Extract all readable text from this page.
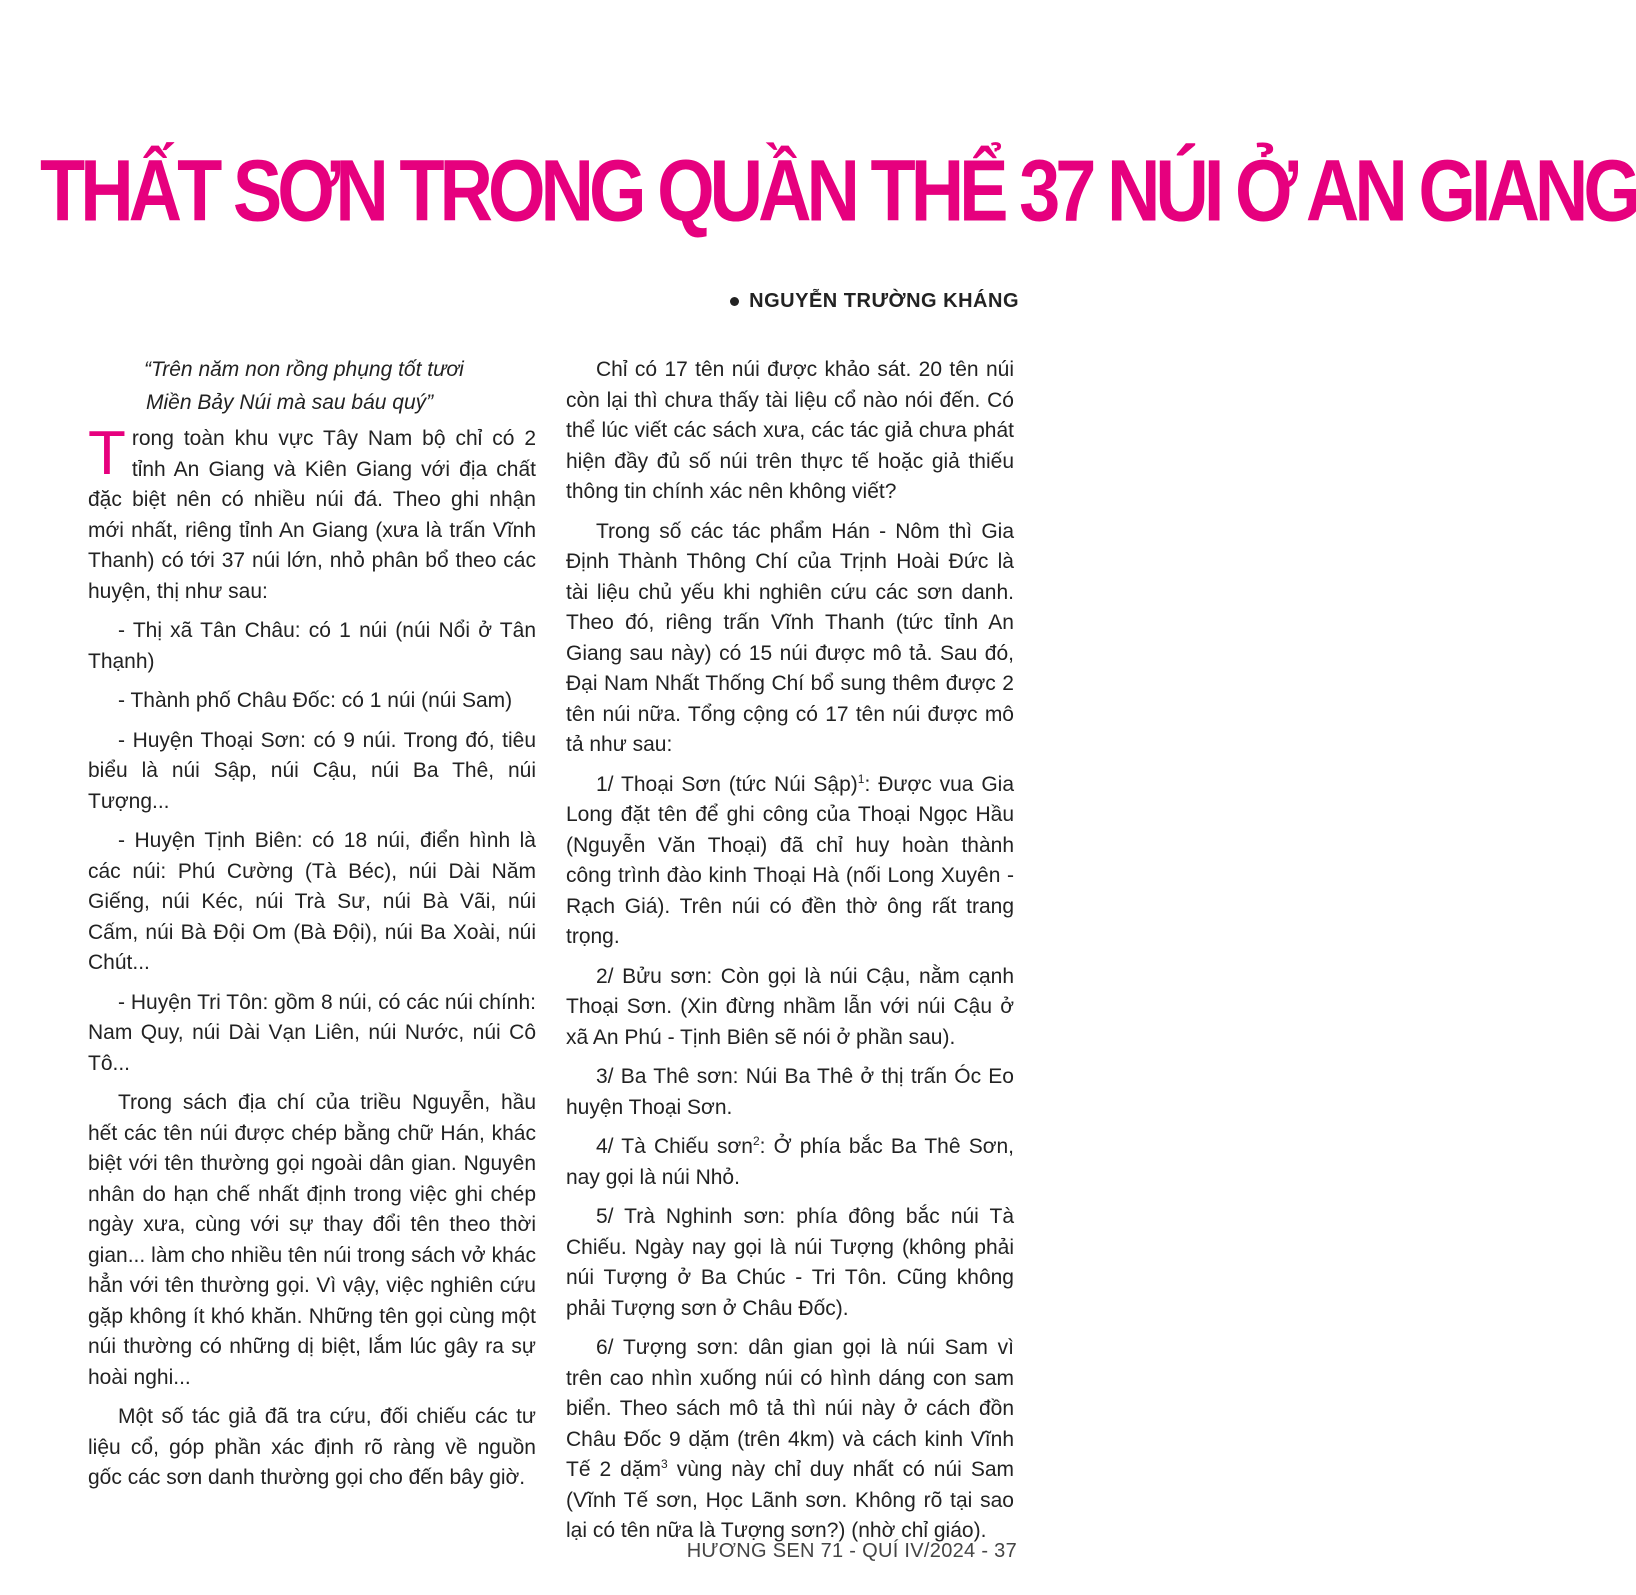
THẤT SƠN TRONG QUẦN THỂ 37 NÚI Ở AN GIANG
NGUYỄN TRƯỜNG KHÁNG
“Trên năm non rồng phụng tốt tươi
Miền Bảy Núi mà sau báu quý”

Trong toàn khu vực Tây Nam bộ chỉ có 2 tỉnh An Giang và Kiên Giang với địa chất đặc biệt nên có nhiều núi đá. Theo ghi nhận mới nhất, riêng tỉnh An Giang (xưa là trấn Vĩnh Thanh) có tới 37 núi lớn, nhỏ phân bổ theo các huyện, thị như sau:

- Thị xã Tân Châu: có 1 núi (núi Nổi ở Tân Thạnh)

- Thành phố Châu Đốc: có 1 núi (núi Sam)

- Huyện Thoại Sơn: có 9 núi. Trong đó, tiêu biểu là núi Sập, núi Cậu, núi Ba Thê, núi Tượng...

- Huyện Tịnh Biên: có 18 núi, điển hình là các núi: Phú Cường (Tà Béc), núi Dài Năm Giếng, núi Kéc, núi Trà Sư, núi Bà Vãi, núi Cấm, núi Bà Đội Om (Bà Đội), núi Ba Xoài, núi Chút...

- Huyện Tri Tôn: gồm 8 núi, có các núi chính: Nam Quy, núi Dài Vạn Liên, núi Nước, núi Cô Tô...

Trong sách địa chí của triều Nguyễn, hầu hết các tên núi được chép bằng chữ Hán, khác biệt với tên thường gọi ngoài dân gian. Nguyên nhân do hạn chế nhất định trong việc ghi chép ngày xưa, cùng với sự thay đổi tên theo thời gian... làm cho nhiều tên núi trong sách vở khác hẳn với tên thường gọi. Vì vậy, việc nghiên cứu gặp không ít khó khăn. Những tên gọi cùng một núi thường có những dị biệt, lắm lúc gây ra sự hoài nghi...

Một số tác giả đã tra cứu, đối chiếu các tư liệu cổ, góp phần xác định rõ ràng về nguồn gốc các sơn danh thường gọi cho đến bây giờ.

Chỉ có 17 tên núi được khảo sát. 20 tên núi còn lại thì chưa thấy tài liệu cổ nào nói đến. Có thể lúc viết các sách xưa, các tác giả chưa phát hiện đầy đủ số núi trên thực tế hoặc giả thiếu thông tin chính xác nên không viết?

Trong số các tác phẩm Hán - Nôm thì Gia Định Thành Thông Chí của Trịnh Hoài Đức là tài liệu chủ yếu khi nghiên cứu các sơn danh. Theo đó, riêng trấn Vĩnh Thanh (tức tỉnh An Giang sau này) có 15 núi được mô tả. Sau đó, Đại Nam Nhất Thống Chí bổ sung thêm được 2 tên núi nữa. Tổng cộng có 17 tên núi được mô tả như sau:

1/ Thoại Sơn (tức Núi Sập)$^1$: Được vua Gia Long đặt tên để ghi công của Thoại Ngọc Hầu (Nguyễn Văn Thoại) đã chỉ huy hoàn thành công trình đào kinh Thoại Hà (nối Long Xuyên - Rạch Giá). Trên núi có đền thờ ông rất trang trọng.

2/ Bửu sơn: Còn gọi là núi Cậu, nằm cạnh Thoại Sơn. (Xin đừng nhầm lẫn với núi Cậu ở xã An Phú - Tịnh Biên sẽ nói ở phần sau).

3/ Ba Thê sơn: Núi Ba Thê ở thị trấn Óc Eo huyện Thoại Sơn.

4/ Tà Chiếu sơn$^2$: Ở phía bắc Ba Thê Sơn, nay gọi là núi Nhỏ.

5/ Trà Nghinh sơn: phía đông bắc núi Tà Chiếu. Ngày nay gọi là núi Tượng (không phải núi Tượng ở Ba Chúc - Tri Tôn. Cũng không phải Tượng sơn ở Châu Đốc).

6/ Tượng sơn: dân gian gọi là núi Sam vì trên cao nhìn xuống núi có hình dáng con sam biển. Theo sách mô tả thì núi này ở cách đồn Châu Đốc 9 dặm (trên 4km) và cách kinh Vĩnh Tế 2 dặm$^3$ vùng này chỉ duy nhất có núi Sam (Vĩnh Tế sơn, Học Lãnh sơn. Không rõ tại sao lại có tên nữa là Tượng sơn?) (nhờ chỉ giáo).

HƯƠNG SEN 71 - QUÍ IV/2024 - 37
